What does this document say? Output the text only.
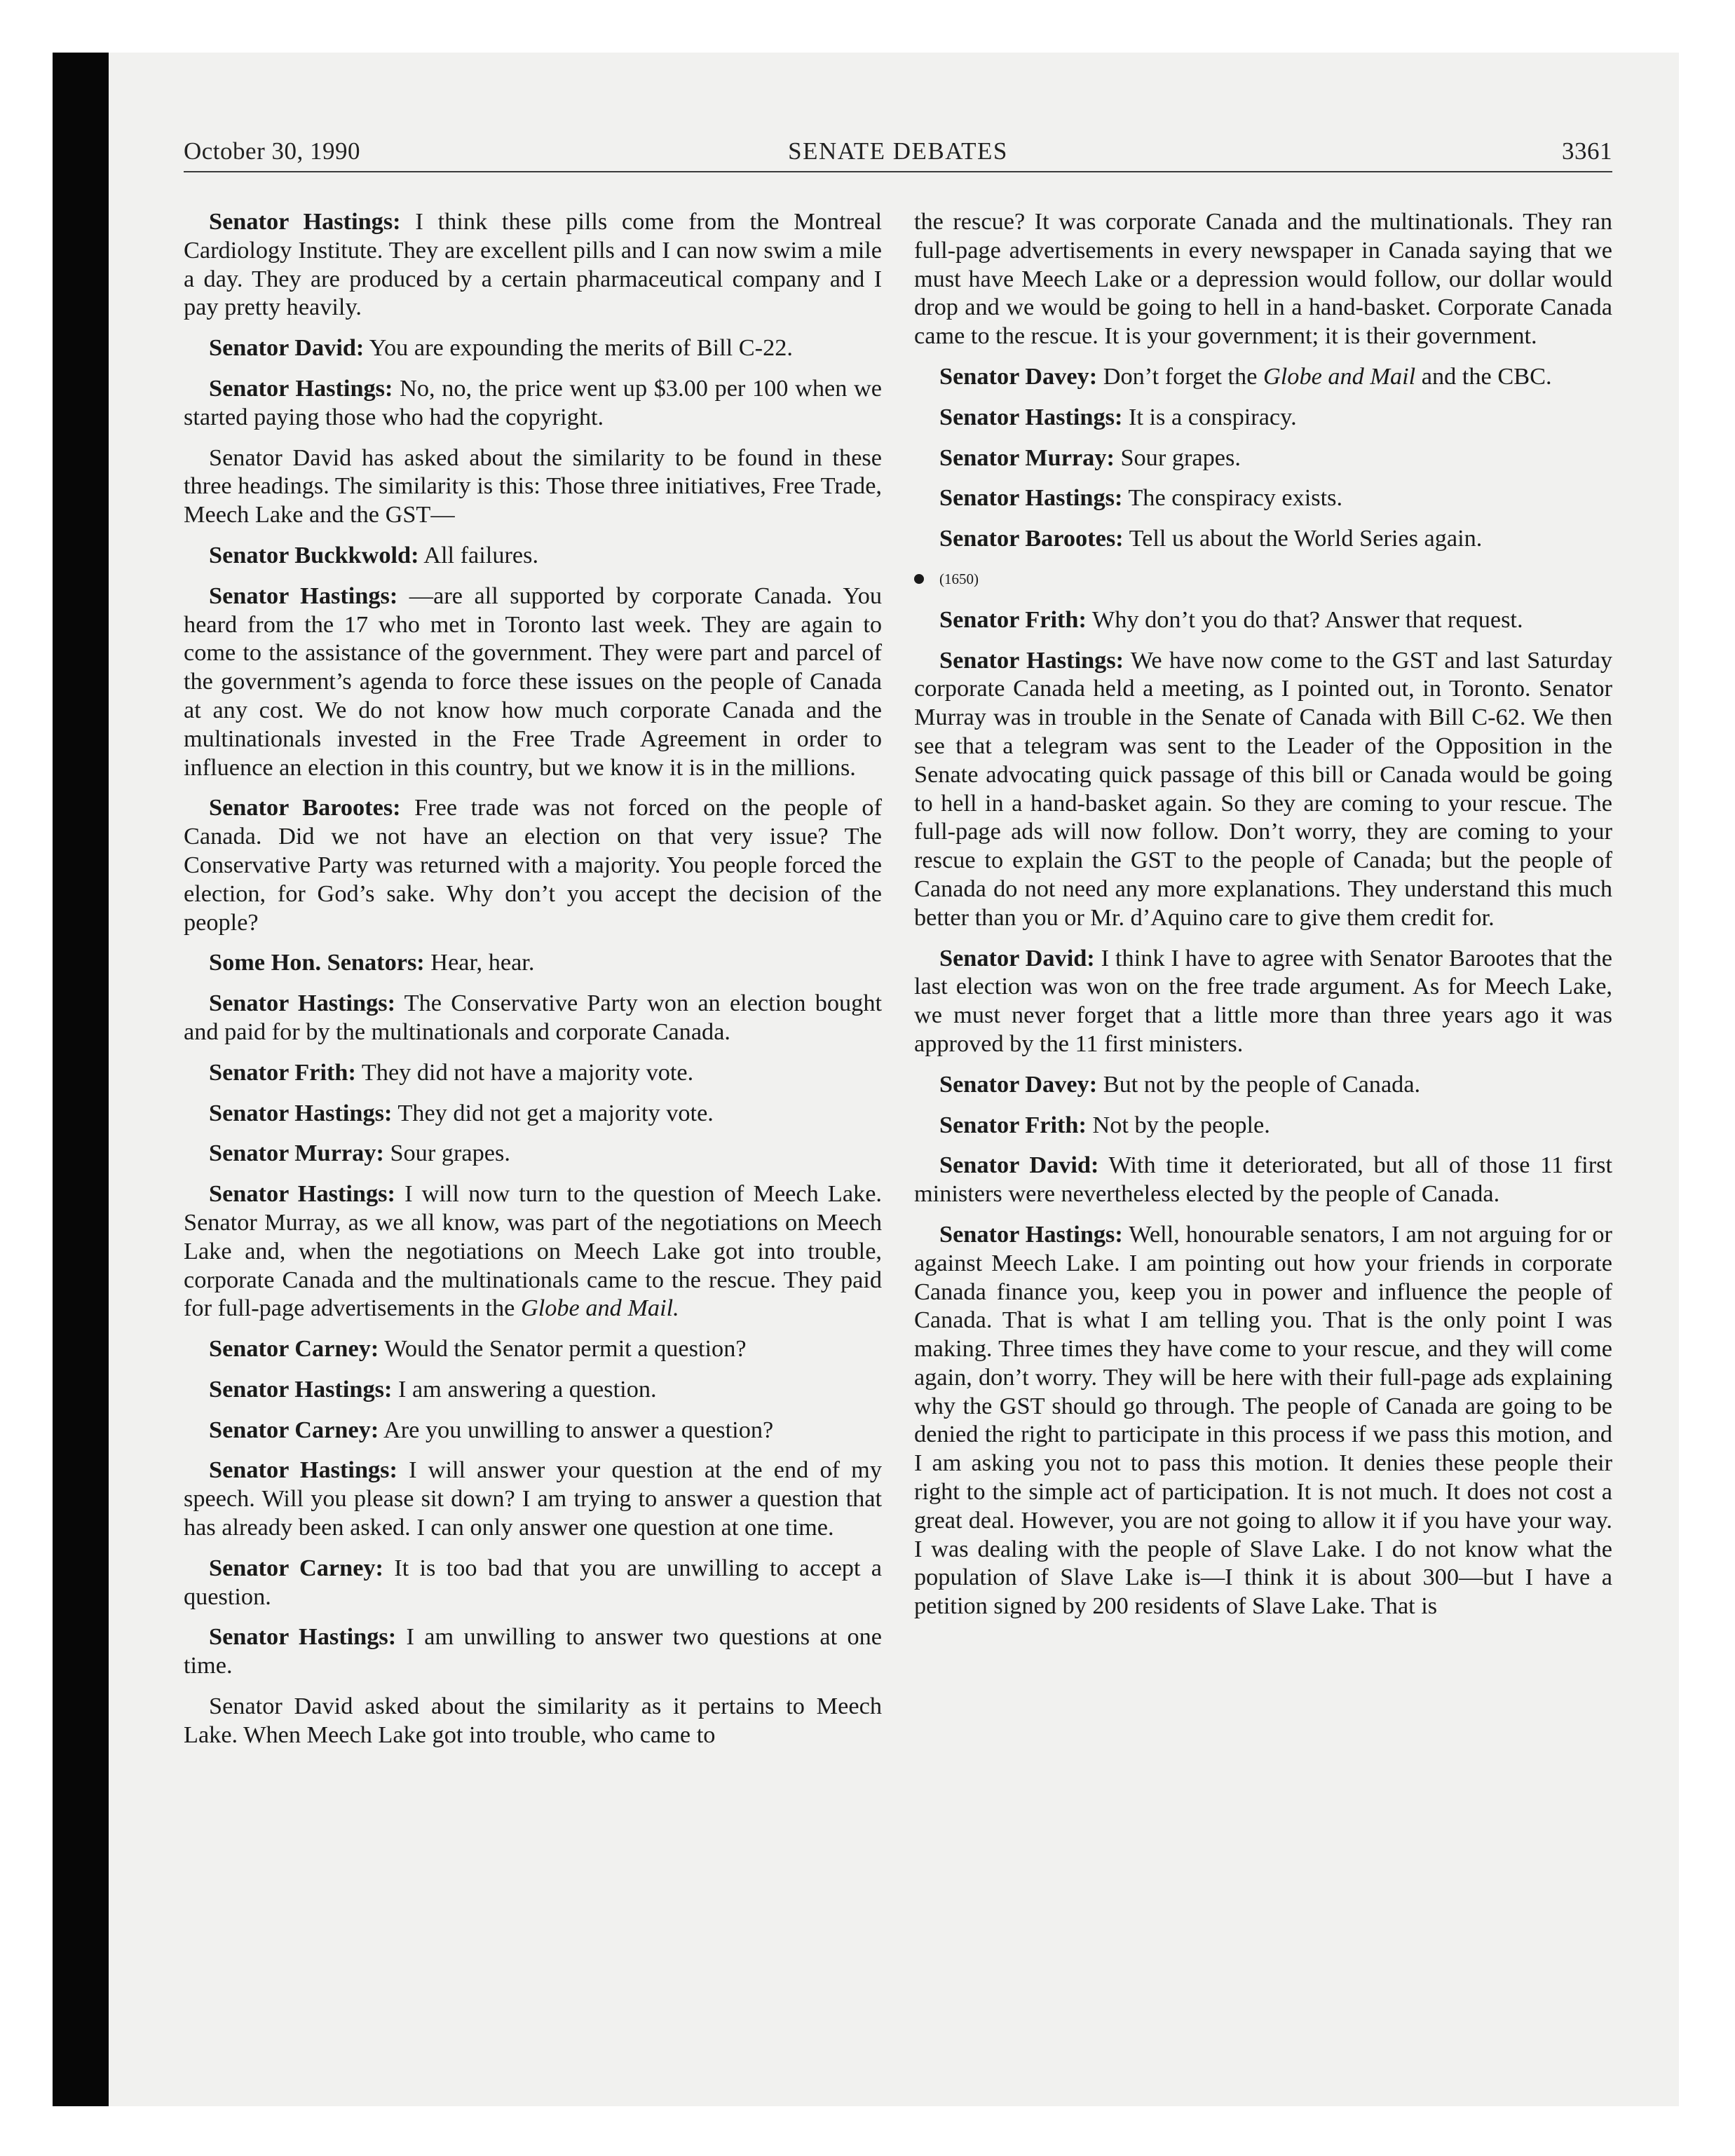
October 30, 1990	SENATE DEBATES	3361

Senator Hastings: I think these pills come from the Montreal Cardiology Institute. They are excellent pills and I can now swim a mile a day. They are produced by a certain pharmaceutical company and I pay pretty heavily.

Senator David: You are expounding the merits of Bill C-22.

Senator Hastings: No, no, the price went up $3.00 per 100 when we started paying those who had the copyright.

Senator David has asked about the similarity to be found in these three headings. The similarity is this: Those three initiatives, Free Trade, Meech Lake and the GST—

Senator Buckkwold: All failures.

Senator Hastings: —are all supported by corporate Canada. You heard from the 17 who met in Toronto last week. They are again to come to the assistance of the government. They were part and parcel of the government’s agenda to force these issues on the people of Canada at any cost. We do not know how much corporate Canada and the multinationals invested in the Free Trade Agreement in order to influence an election in this country, but we know it is in the millions.

Senator Barootes: Free trade was not forced on the people of Canada. Did we not have an election on that very issue? The Conservative Party was returned with a majority. You people forced the election, for God’s sake. Why don’t you accept the decision of the people?

Some Hon. Senators: Hear, hear.

Senator Hastings: The Conservative Party won an election bought and paid for by the multinationals and corporate Canada.

Senator Frith: They did not have a majority vote.

Senator Hastings: They did not get a majority vote.

Senator Murray: Sour grapes.

Senator Hastings: I will now turn to the question of Meech Lake. Senator Murray, as we all know, was part of the negotiations on Meech Lake and, when the negotiations on Meech Lake got into trouble, corporate Canada and the multinationals came to the rescue. They paid for full-page advertisements in the Globe and Mail.

Senator Carney: Would the Senator permit a question?

Senator Hastings: I am answering a question.

Senator Carney: Are you unwilling to answer a question?

Senator Hastings: I will answer your question at the end of my speech. Will you please sit down? I am trying to answer a question that has already been asked. I can only answer one question at one time.

Senator Carney: It is too bad that you are unwilling to accept a question.

Senator Hastings: I am unwilling to answer two questions at one time.

Senator David asked about the similarity as it pertains to Meech Lake. When Meech Lake got into trouble, who came to

the rescue? It was corporate Canada and the multinationals. They ran full-page advertisements in every newspaper in Canada saying that we must have Meech Lake or a depression would follow, our dollar would drop and we would be going to hell in a hand-basket. Corporate Canada came to the rescue. It is your government; it is their government.

Senator Davey: Don’t forget the Globe and Mail and the CBC.

Senator Hastings: It is a conspiracy.

Senator Murray: Sour grapes.

Senator Hastings: The conspiracy exists.

Senator Barootes: Tell us about the World Series again.

(1650)

Senator Frith: Why don’t you do that? Answer that request.

Senator Hastings: We have now come to the GST and last Saturday corporate Canada held a meeting, as I pointed out, in Toronto. Senator Murray was in trouble in the Senate of Canada with Bill C-62. We then see that a telegram was sent to the Leader of the Opposition in the Senate advocating quick passage of this bill or Canada would be going to hell in a hand-basket again. So they are coming to your rescue. The full-page ads will now follow. Don’t worry, they are coming to your rescue to explain the GST to the people of Canada; but the people of Canada do not need any more explanations. They understand this much better than you or Mr. d’Aquino care to give them credit for.

Senator David: I think I have to agree with Senator Barootes that the last election was won on the free trade argument. As for Meech Lake, we must never forget that a little more than three years ago it was approved by the 11 first ministers.

Senator Davey: But not by the people of Canada.

Senator Frith: Not by the people.

Senator David: With time it deteriorated, but all of those 11 first ministers were nevertheless elected by the people of Canada.

Senator Hastings: Well, honourable senators, I am not arguing for or against Meech Lake. I am pointing out how your friends in corporate Canada finance you, keep you in power and influence the people of Canada. That is what I am telling you. That is the only point I was making. Three times they have come to your rescue, and they will come again, don’t worry. They will be here with their full-page ads explaining why the GST should go through. The people of Canada are going to be denied the right to participate in this process if we pass this motion, and I am asking you not to pass this motion. It denies these people their right to the simple act of participation. It is not much. It does not cost a great deal. However, you are not going to allow it if you have your way. I was dealing with the people of Slave Lake. I do not know what the population of Slave Lake is—I think it is about 300—but I have a petition signed by 200 residents of Slave Lake. That is
